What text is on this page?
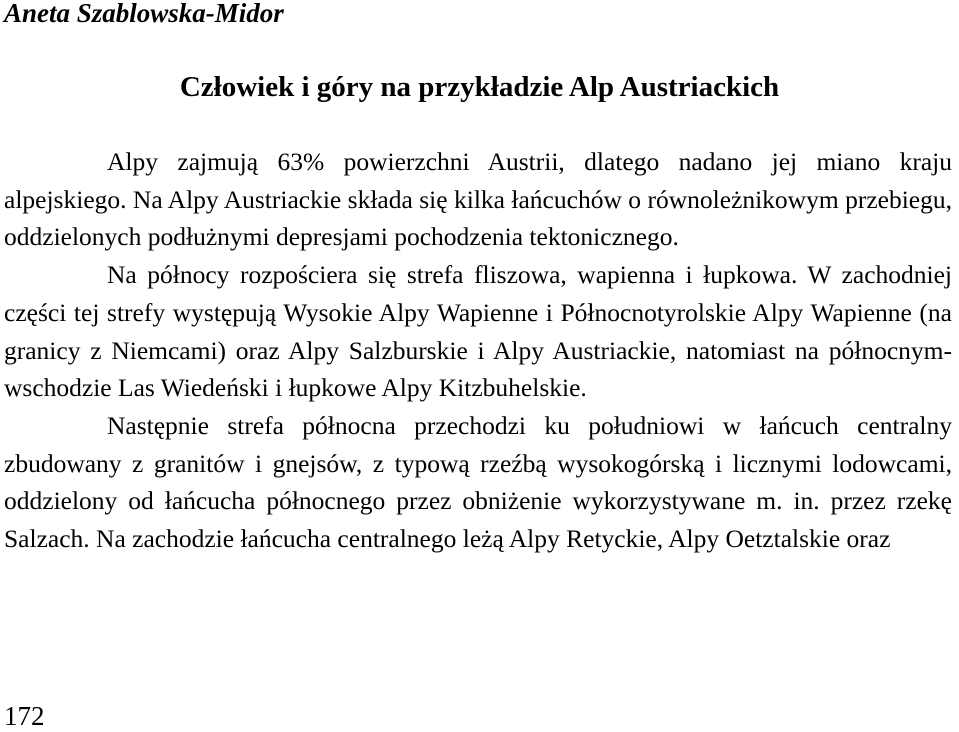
Aneta Szablowska-Midor
Człowiek i góry na przykładzie Alp Austriackich

Alpy zajmują 63% powierzchni Austrii, dlatego nadano jej miano kraju alpejskiego. Na Alpy Austriackie składa się kilka łańcuchów o równoleżnikowym przebiegu, oddzielonych podłużnymi depresjami pochodzenia tektonicznego.

Na północy rozpościera się strefa fliszowa, wapienna i łupkowa. W zachodniej części tej strefy występują Wysokie Alpy Wapienne i Północnotyrolskie Alpy Wapienne (na granicy z Niemcami) oraz Alpy Salzburskie i Alpy Austriackie, natomiast na północnym-wschodzie Las Wiedeński i łupkowe Alpy Kitzbuhelskie.

Następnie strefa północna przechodzi ku południowi w łańcuch centralny zbudowany z granitów i gnejsów, z typową rzeźbą wysokogórską i licznymi lodowcami, oddzielony od łańcucha północnego przez obniżenie wykorzystywane m. in. przez rzekę Salzach. Na zachodzie łańcucha centralnego leżą Alpy Retyckie, Alpy Oetztalskie oraz

172
